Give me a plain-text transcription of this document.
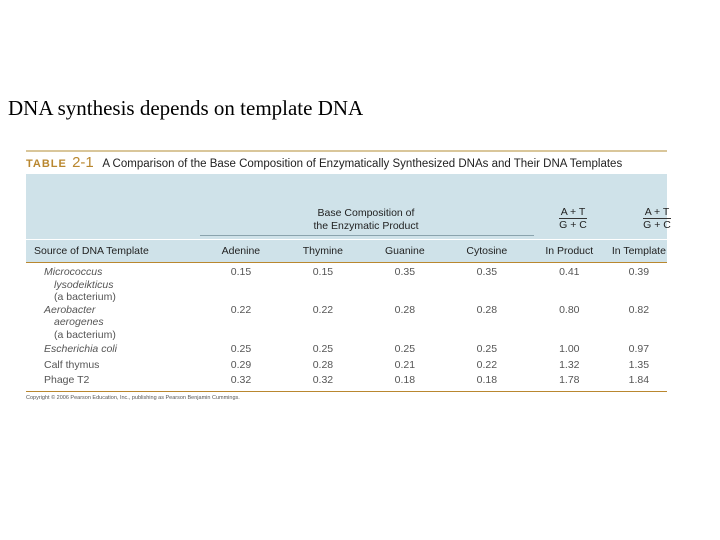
DNA synthesis depends on template DNA
TABLE 2-1 A Comparison of the Base Composition of Enzymatically Synthesized DNAs and Their DNA Templates
Base Composition of
the Enzymatic Product
A + T
G + C
A + T
G + C
Source of DNA Template	Adenine	Thymine	Guanine	Cytosine	In Product	In Template
Micrococcus
lysodeikticus
(a bacterium)
0.15	0.15	0.35	0.35	0.41	0.39
Aerobacter
aerogenes
(a bacterium)
0.22	0.22	0.28	0.28	0.80	0.82
Escherichia coli	0.25	0.25	0.25	0.25	1.00	0.97
Calf thymus	0.29	0.28	0.21	0.22	1.32	1.35
Phage T2	0.32	0.32	0.18	0.18	1.78	1.84
Copyright © 2006 Pearson Education, Inc., publishing as Pearson Benjamin Cummings.
